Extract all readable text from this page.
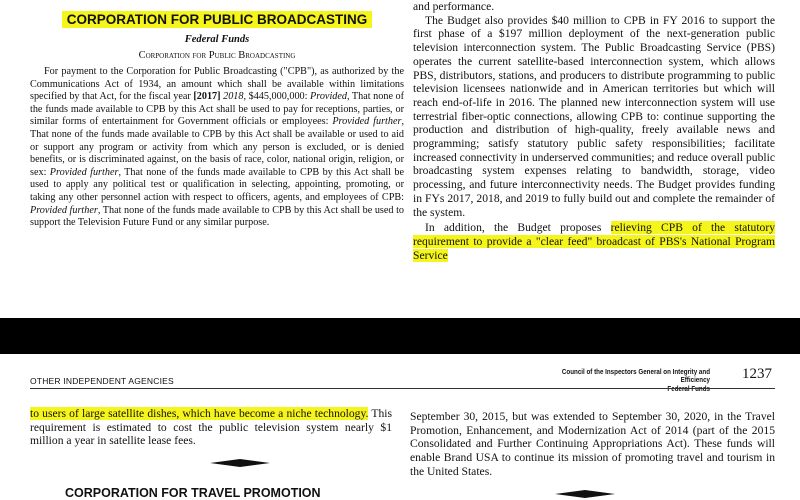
CORPORATION FOR PUBLIC BROADCASTING

Federal Funds

Corporation for Public Broadcasting

For payment to the Corporation for Public Broadcasting ("CPB"), as authorized by the Communications Act of 1934, an amount which shall be available within limitations specified by that Act, for the fiscal year [2017] 2018, $445,000,000: Provided, That none of the funds made available to CPB by this Act shall be used to pay for receptions, parties, or similar forms of entertainment for Government officials or employees: Provided further, That none of the funds made available to CPB by this Act shall be available or used to aid or support any program or activity from which any person is excluded, or is denied benefits, or is discriminated against, on the basis of race, color, national origin, religion, or sex: Provided further, That none of the funds made available to CPB by this Act shall be used to apply any political test or qualification in selecting, appointing, promoting, or taking any other personnel action with respect to officers, agents, and employees of CPB: Provided further, That none of the funds made available to CPB by this Act shall be used to support the Television Future Fund or any similar purpose.

and performance.

The Budget also provides $40 million to CPB in FY 2016 to support the first phase of a $197 million deployment of the next-generation public television interconnection system. The Public Broadcasting Service (PBS) operates the current satellite-based interconnection system, which allows PBS, distributors, stations, and producers to distribute programming to public television licensees nationwide and in American territories but which will reach end-of-life in 2016. The planned new interconnection system will use terrestrial fiber-optic connections, allowing CPB to: continue supporting the production and distribution of high-quality, freely available news and programming; satisfy statutory public safety responsibilities; facilitate increased connectivity in underserved communities; and reduce overall public broadcasting system expenses relating to bandwidth, storage, video processing, and future interconnectivity needs. The Budget provides funding in FYs 2017, 2018, and 2019 to fully build out and complete the remainder of the system.

In addition, the Budget proposes relieving CPB of the statutory requirement to provide a "clear feed" broadcast of PBS's National Program Service

OTHER INDEPENDENT AGENCIES
Council of the Inspectors General on Integrity and Efficiency 1237

to users of large satellite dishes, which have become a niche technology. This requirement is estimated to cost the public television system nearly $1 million a year in satellite lease fees.

CORPORATION FOR TRAVEL PROMOTION

September 30, 2015, but was extended to September 30, 2020, in the Travel Promotion, Enhancement, and Modernization Act of 2014 (part of the 2015 Consolidated and Further Continuing Appropriations Act). These funds will enable Brand USA to continue its mission of promoting travel and tourism in the United States.
